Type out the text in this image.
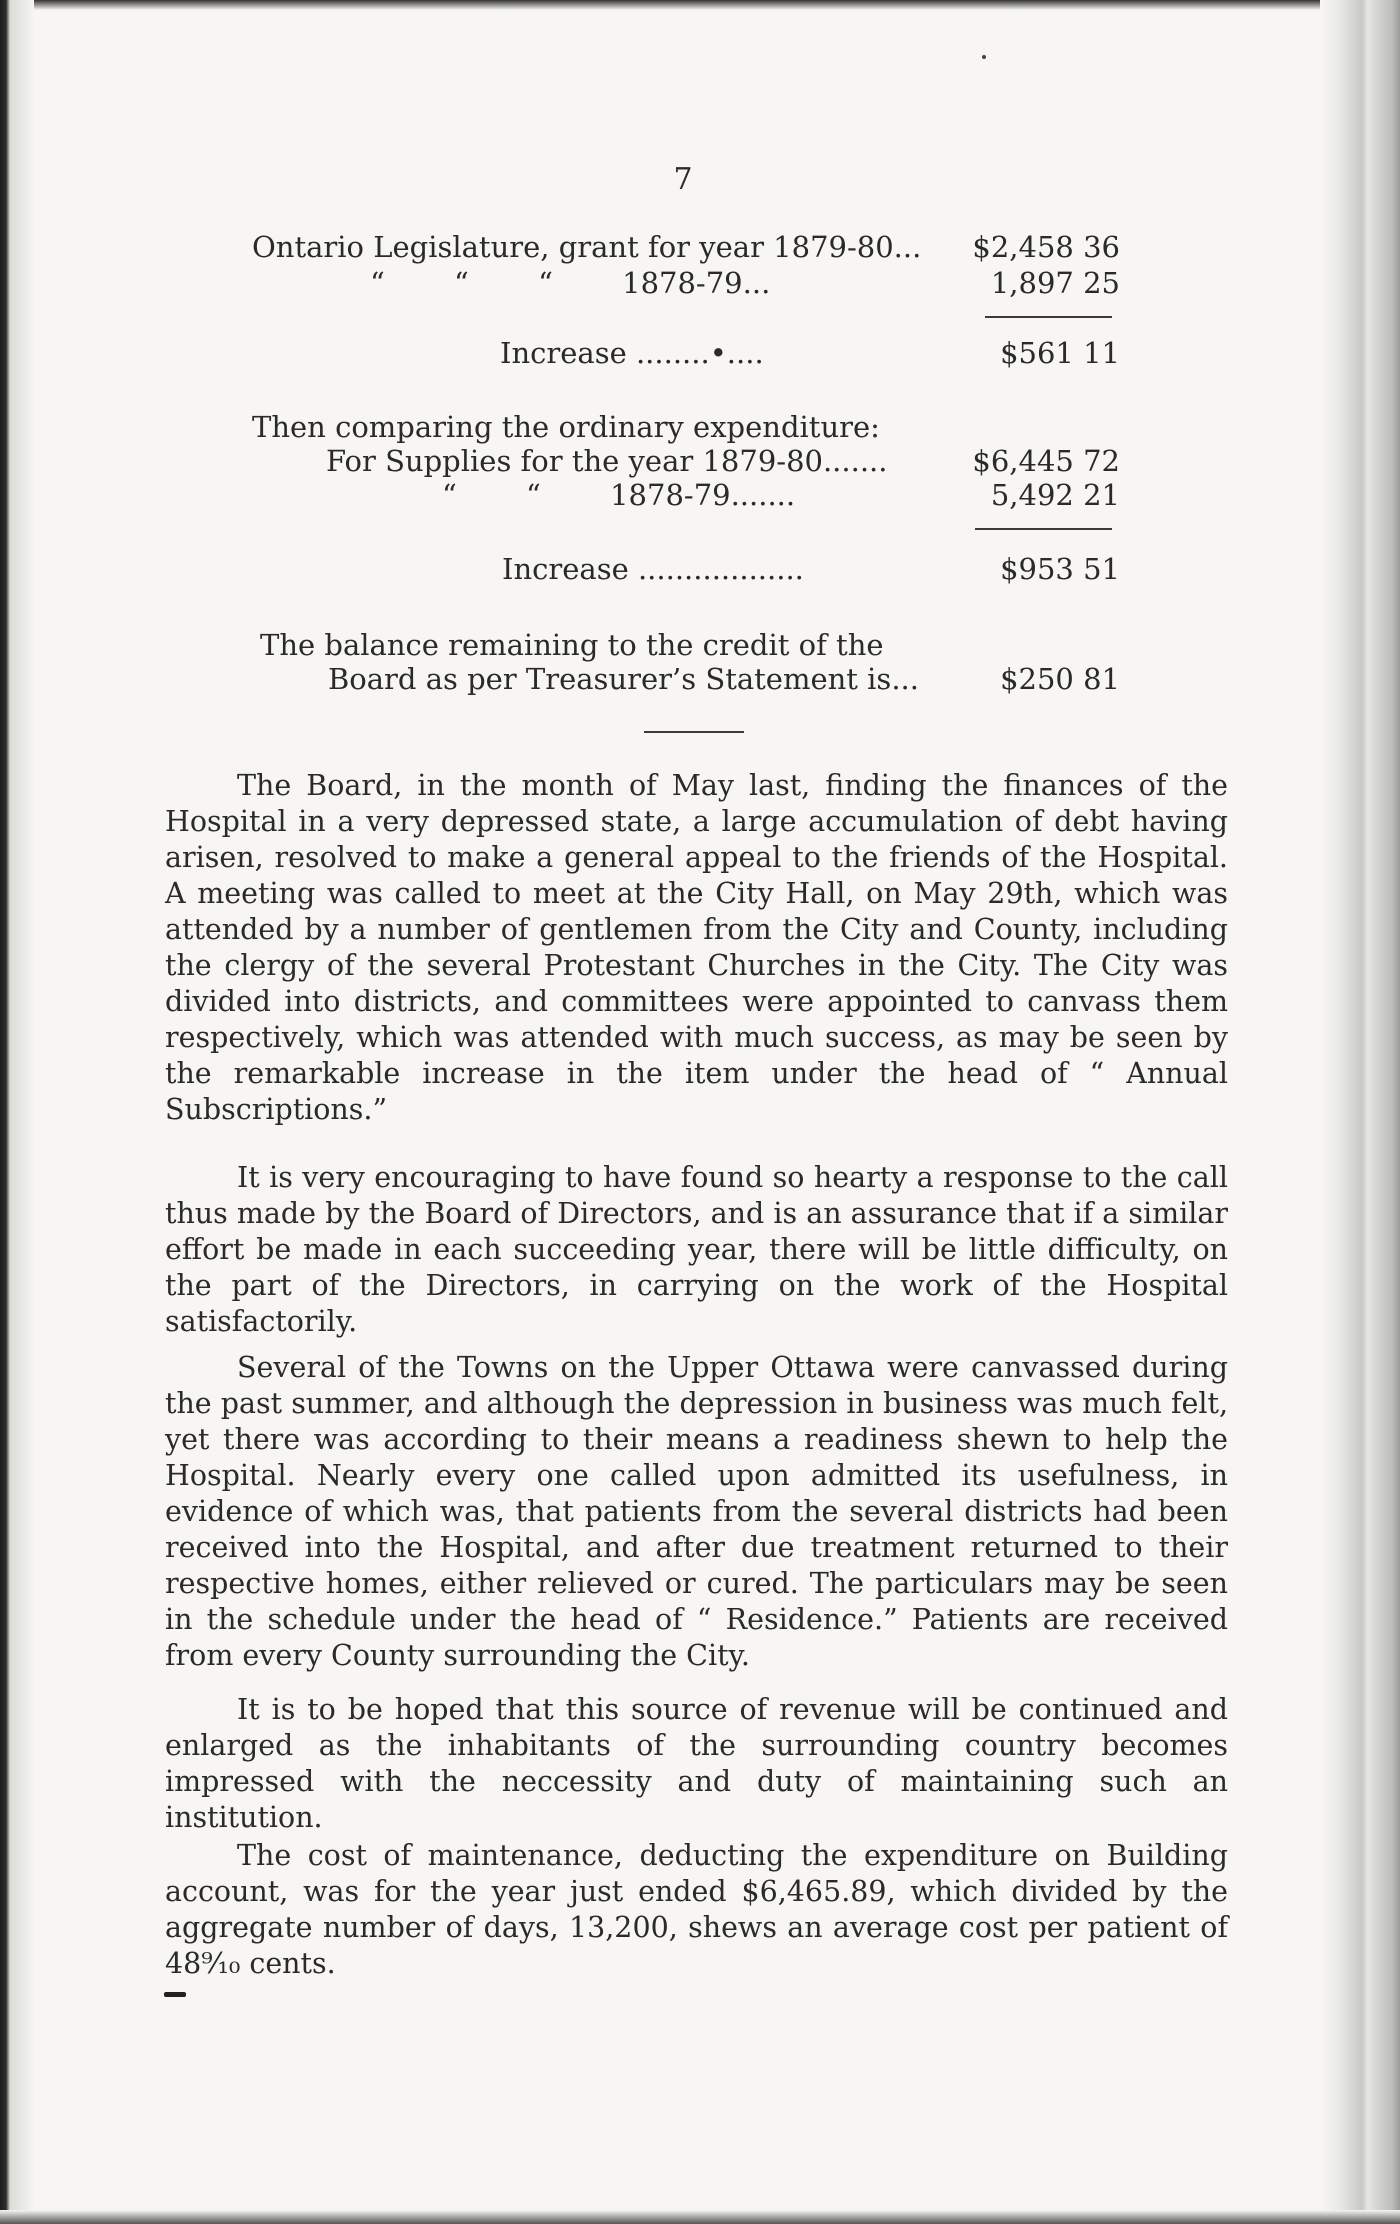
7
Ontario Legislature, grant for year 1879-80... $2,458 36
“ “ “ 1878-79...	1,897 25
Increase ........•....	$561 11
Then comparing the ordinary expenditure:
For Supplies for the year 1879-80.......	$6,445 72
“ “ 1878-79.......	5,492 21
Increase ..................	$953 51
The balance remaining to the credit of the
Board as per Treasurer’s Statement is...	$250 81

The Board, in the month of May last, finding the finances of the Hospital in a very depressed state, a large accumulation of debt having arisen, resolved to make a general appeal to the friends of the Hospital. A meeting was called to meet at the City Hall, on May 29th, which was attended by a number of gentlemen from the City and County, including the clergy of the several Protestant Churches in the City. The City was divided into districts, and committees were appointed to canvass them respectively, which was attended with much success, as may be seen by the remarkable increase in the item under the head of “ Annual Subscriptions.”

It is very encouraging to have found so hearty a response to the call thus made by the Board of Directors, and is an assurance that if a similar effort be made in each succeeding year, there will be little difficulty, on the part of the Directors, in carrying on the work of the Hospital satisfactorily.

Several of the Towns on the Upper Ottawa were canvassed during the past summer, and although the depression in business was much felt, yet there was according to their means a readiness shewn to help the Hospital. Nearly every one called upon admitted its usefulness, in evidence of which was, that patients from the several districts had been received into the Hospital, and after due treatment returned to their respective homes, either relieved or cured. The particulars may be seen in the schedule under the head of “ Residence.” Patients are received from every County surrounding the City.

It is to be hoped that this source of revenue will be continued and enlarged as the inhabitants of the surrounding country becomes impressed with the neccessity and duty of maintaining such an institution.

The cost of maintenance, deducting the expenditure on Building account, was for the year just ended $6,465.89, which divided by the aggregate number of days, 13,200, shews an average cost per patient of 48⁹⁄₁₀ cents.
